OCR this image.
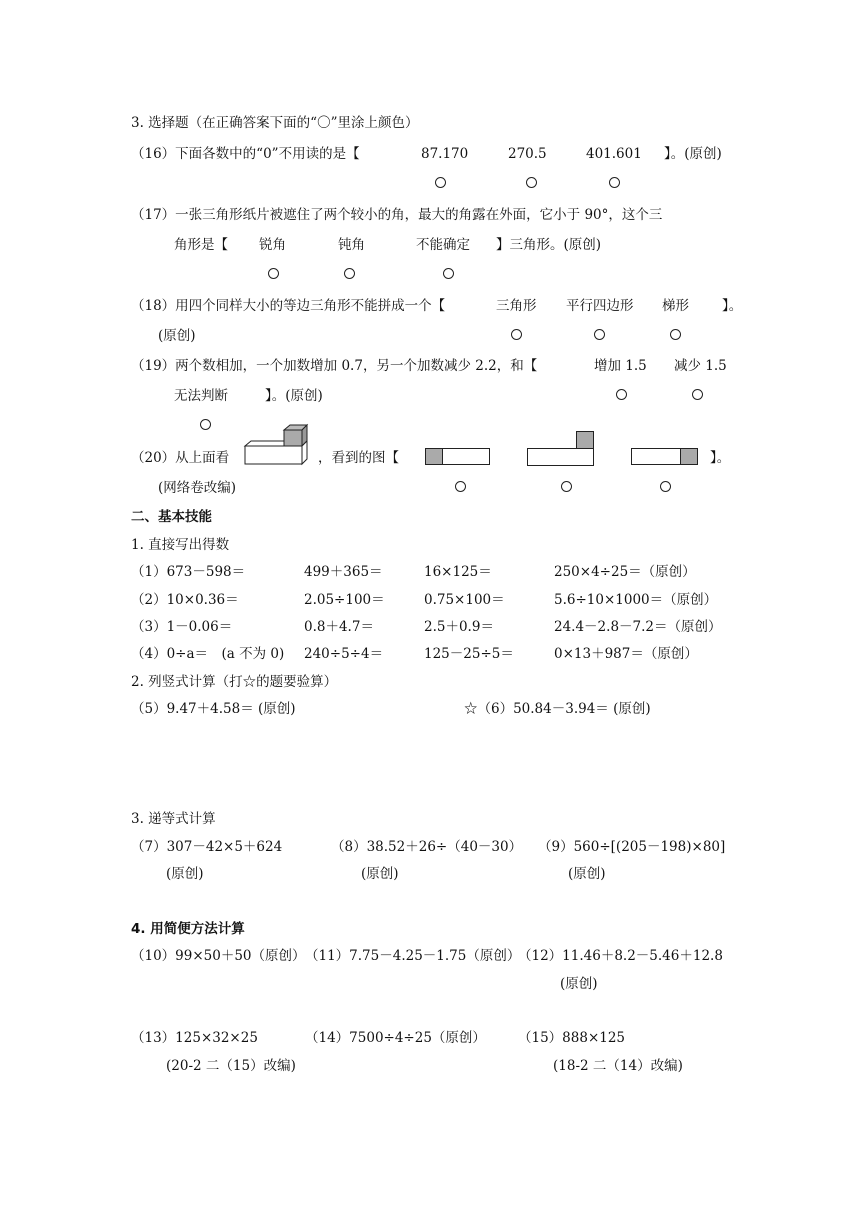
3. 选择题（在正确答案下面的“〇”里涂上颜色）
（16）下面各数中的“0”不用读的是【	87.170	270.5	401.601 】。(原创)
（17）一张三角形纸片被遮住了两个较小的角，最大的角露在外面，它小于 90°，这个三
角形是【 锐角	钝角	不能确定 】三角形。(原创)
（18）用四个同样大小的等边三角形不能拼成一个【	三角形 平行四边形 梯形 】。
(原创)
（19）两个数相加，一个加数增加 0.7，另一个加数减少 2.2，和【	增加 1.5 减少 1.5
无法判断	】。(原创)
（20）从上面看	，看到的图【	】。
(网络卷改编)
二、基本技能
1. 直接写出得数
（1）673－598＝	499＋365＝	16×125＝	250×4÷25＝（原创）
（2）10×0.36＝	2.05÷100＝	0.75×100＝	5.6÷10×1000＝（原创）
（3）1－0.06＝	0.8＋4.7＝	2.5＋0.9＝	24.4－2.8－7.2＝（原创）
（4）0÷a＝　(a 不为 0) 240÷5÷4＝	125－25÷5＝	0×13＋987＝（原创）
2. 列竖式计算（打☆的题要验算）
（5）9.47＋4.58＝ (原创)	☆（6）50.84－3.94＝ (原创)
3. 递等式计算
（7）307－42×5＋624	（8）38.52＋26÷（40－30） （9）560÷[(205－198)×80]
(原创)	(原创)	(原创)
4. 用简便方法计算
（10）99×50＋50（原创） （11）7.75－4.25－1.75（原创）
（12）11.46＋8.2－5.46＋12.8
(原创)
（13）125×32×25	（14）7500÷4÷25（原创） （15）888×125
(20-2 二（15）改编)	(18-2 二（14）改编)
